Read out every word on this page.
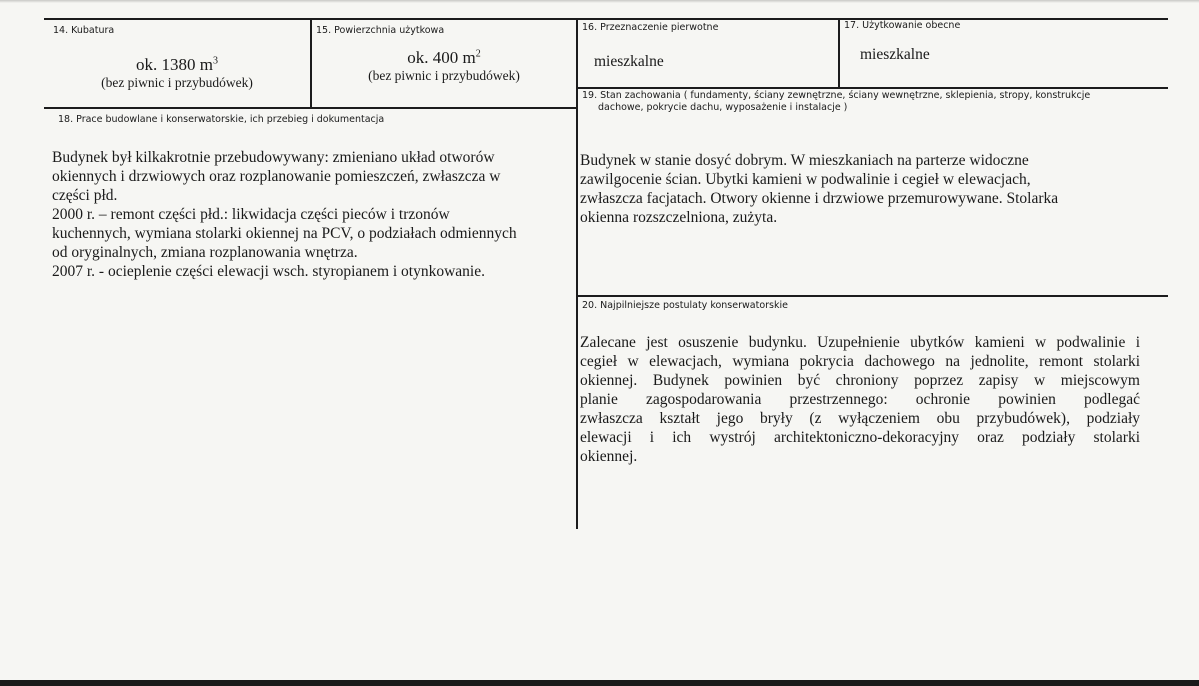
14. Kubatura
ok. 1380 $m^3$
(bez piwnic i przybudówek)
15. Powierzchnia użytkowa
ok. 400 $m^2$
(bez piwnic i przybudówek)
16. Przeznaczenie pierwotne
mieszkalne
17. Użytkowanie obecne
mieszkalne
18. Prace budowlane i konserwatorskie, ich przebieg i dokumentacja
Budynek był kilkakrotnie przebudowywany: zmieniano układ otworów
okiennych i drzwiowych oraz rozplanowanie pomieszczeń, zwłaszcza w
części płd.
2000 r. – remont części płd.: likwidacja części pieców i trzonów
kuchennych, wymiana stolarki okiennej na PCV, o podziałach odmiennych
od oryginalnych, zmiana rozplanowania wnętrza.
2007 r. - ocieplenie części elewacji wsch. styropianem i otynkowanie.
19. Stan zachowania ( fundamenty, ściany zewnętrzne, ściany wewnętrzne, sklepienia, stropy, konstrukcje
dachowe, pokrycie dachu, wyposażenie i instalacje )
Budynek w stanie dosyć dobrym. W mieszkaniach na parterze widoczne
zawilgocenie ścian. Ubytki kamieni w podwalinie i cegieł w elewacjach,
zwłaszcza facjatach. Otwory okienne i drzwiowe przemurowywane. Stolarka
okienna rozszczelniona, zużyta.
20. Najpilniejsze postulaty konserwatorskie
Zalecane jest osuszenie budynku. Uzupełnienie ubytków kamieni w podwalinie i
cegieł w elewacjach, wymiana pokrycia dachowego na jednolite, remont stolarki
okiennej. Budynek powinien być chroniony poprzez zapisy w miejscowym
planie zagospodarowania przestrzennego: ochronie powinien podlegać
zwłaszcza kształt jego bryły (z wyłączeniem obu przybudówek), podziały
elewacji i ich wystrój architektoniczno-dekoracyjny oraz podziały stolarki
okiennej.
